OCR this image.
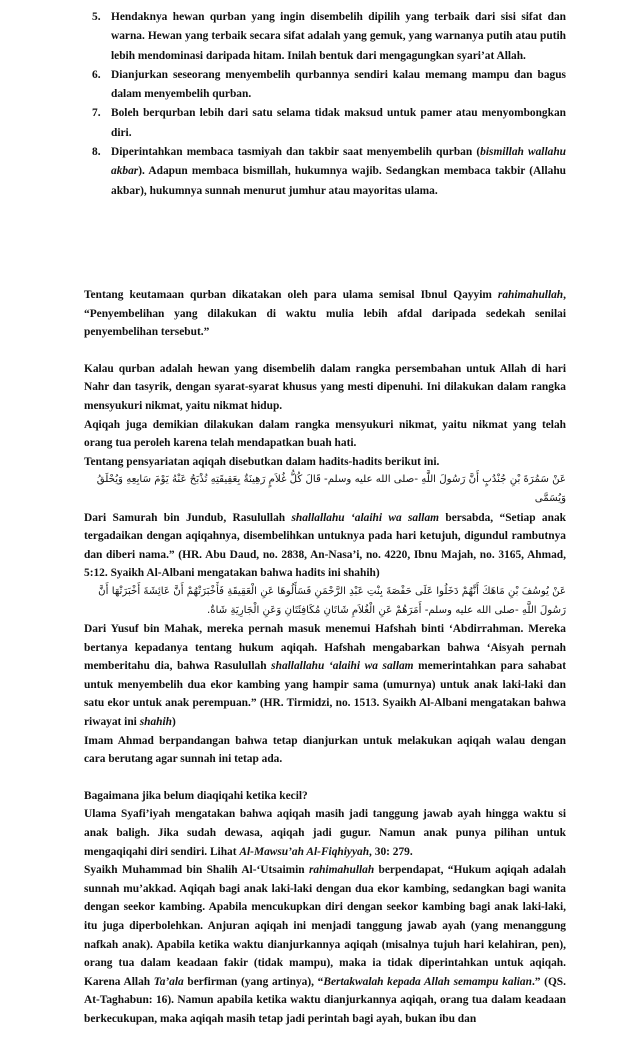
5. Hendaknya hewan qurban yang ingin disembelih dipilih yang terbaik dari sisi sifat dan warna. Hewan yang terbaik secara sifat adalah yang gemuk, yang warnanya putih atau putih lebih mendominasi daripada hitam. Inilah bentuk dari mengagungkan syari’at Allah.
6. Dianjurkan seseorang menyembelih qurbannya sendiri kalau memang mampu dan bagus dalam menyembelih qurban.
7. Boleh berqurban lebih dari satu selama tidak maksud untuk pamer atau menyombongkan diri.
8. Diperintahkan membaca tasmiyah dan takbir saat menyembelih qurban (bismillah wallahu akbar). Adapun membaca bismillah, hukumnya wajib. Sedangkan membaca takbir (Allahu akbar), hukumnya sunnah menurut jumhur atau mayoritas ulama.

Tentang keutamaan qurban dikatakan oleh para ulama semisal Ibnul Qayyim rahimahullah, “Penyembelihan yang dilakukan di waktu mulia lebih afdal daripada sedekah senilai penyembelihan tersebut.”

Kalau qurban adalah hewan yang disembelih dalam rangka persembahan untuk Allah di hari Nahr dan tasyrik, dengan syarat-syarat khusus yang mesti dipenuhi. Ini dilakukan dalam rangka mensyukuri nikmat, yaitu nikmat hidup.

Aqiqah juga demikian dilakukan dalam rangka mensyukuri nikmat, yaitu nikmat yang telah orang tua peroleh karena telah mendapatkan buah hati.

Tentang pensyariatan aqiqah disebutkan dalam hadits-hadits berikut ini.

عَنْ سَمُرَةَ بْنِ جُنْدُبٍ أَنَّ رَسُولَ اللَّهِ -صلى الله عليه وسلم- قَالَ كُلُّ غُلاَمٍ رَهِينَةٌ بِعَقِيقَتِهِ تُذْبَحُ عَنْهُ يَوْمَ سَابِعِهِ وَيُحْلَقُ وَيُسَمَّى

Dari Samurah bin Jundub, Rasulullah shallallahu ‘alaihi wa sallam bersabda, “Setiap anak tergadaikan dengan aqiqahnya, disembelihkan untuknya pada hari ketujuh, digundul rambutnya dan diberi nama.” (HR. Abu Daud, no. 2838, An-Nasa’i, no. 4220, Ibnu Majah, no. 3165, Ahmad, 5:12. Syaikh Al-Albani mengatakan bahwa hadits ini shahih)

عَنْ يُوسُفَ بْنِ مَاهَكَ أَنَّهُمْ دَخَلُوا عَلَى حَفْصَةَ بِنْتِ عَبْدِ الرَّحْمَنِ فَسَأَلُوهَا عَنِ الْعَقِيقَةِ فَأَخْبَرَتْهُمْ أَنَّ عَائِشَةَ أَخْبَرَتْهَا أَنَّ رَسُولَ اللَّهِ -صلى الله عليه وسلم- أَمَرَهُمْ عَنِ الْغُلاَمِ شَاتَانِ مُكَافِئَتَانِ وَعَنِ الْجَارِيَةِ شَاةٌ.

Dari Yusuf bin Mahak, mereka pernah masuk menemui Hafshah binti ‘Abdirrahman. Mereka bertanya kepadanya tentang hukum aqiqah. Hafshah mengabarkan bahwa ‘Aisyah pernah memberitahu dia, bahwa Rasulullah shallallahu ‘alaihi wa sallam memerintahkan para sahabat untuk menyembelih dua ekor kambing yang hampir sama (umurnya) untuk anak laki-laki dan satu ekor untuk anak perempuan.” (HR. Tirmidzi, no. 1513. Syaikh Al-Albani mengatakan bahwa riwayat ini shahih)

Imam Ahmad berpandangan bahwa tetap dianjurkan untuk melakukan aqiqah walau dengan cara berutang agar sunnah ini tetap ada.

Bagaimana jika belum diaqiqahi ketika kecil?

Ulama Syafi’iyah mengatakan bahwa aqiqah masih jadi tanggung jawab ayah hingga waktu si anak baligh. Jika sudah dewasa, aqiqah jadi gugur. Namun anak punya pilihan untuk mengaqiqahi diri sendiri. Lihat Al-Mawsu’ah Al-Fiqhiyyah, 30: 279.

Syaikh Muhammad bin Shalih Al-‘Utsaimin rahimahullah berpendapat, “Hukum aqiqah adalah sunnah mu’akkad. Aqiqah bagi anak laki-laki dengan dua ekor kambing, sedangkan bagi wanita dengan seekor kambing. Apabila mencukupkan diri dengan seekor kambing bagi anak laki-laki, itu juga diperbolehkan. Anjuran aqiqah ini menjadi tanggung jawab ayah (yang menanggung nafkah anak). Apabila ketika waktu dianjurkannya aqiqah (misalnya tujuh hari kelahiran, pen), orang tua dalam keadaan fakir (tidak mampu), maka ia tidak diperintahkan untuk aqiqah. Karena Allah Ta’ala berfirman (yang artinya), “Bertakwalah kepada Allah semampu kalian.” (QS. At-Taghabun: 16). Namun apabila ketika waktu dianjurkannya aqiqah, orang tua dalam keadaan berkecukupan, maka aqiqah masih tetap jadi perintah bagi ayah, bukan ibu dan
